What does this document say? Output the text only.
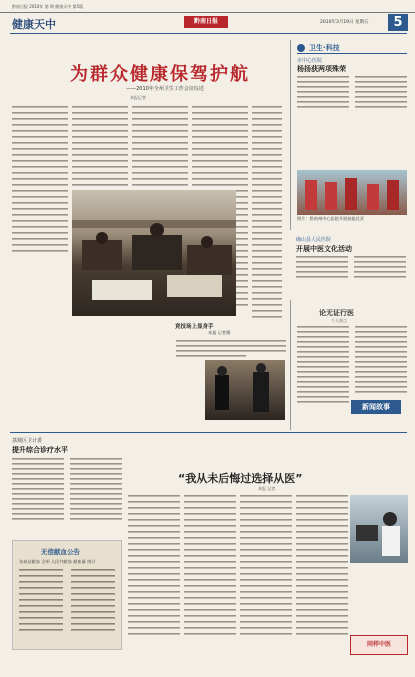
黔南日报 2010年 第 期 健康天中 第5版
健康天中	黔南日报	2010年3月19日 星期五	5
为群众健康保驾护航
——2010年全州卫生工作会议综述
本报记者
竞技场上显身手
本报 记者摄
卫生·科技
市中心医院
杨扬获两项殊荣
图片：黔南州中心医院开展技能比武
确山县人民医院
开展中医文化活动
论无证行医
个人观点
新闻故事
荔城区卫计委
提升综合诊疗水平
无偿献血公告
各血站献血 全州 人民共献血 献血量 统计
“我从未后悔过选择从医”
本报 记者
同样中医
